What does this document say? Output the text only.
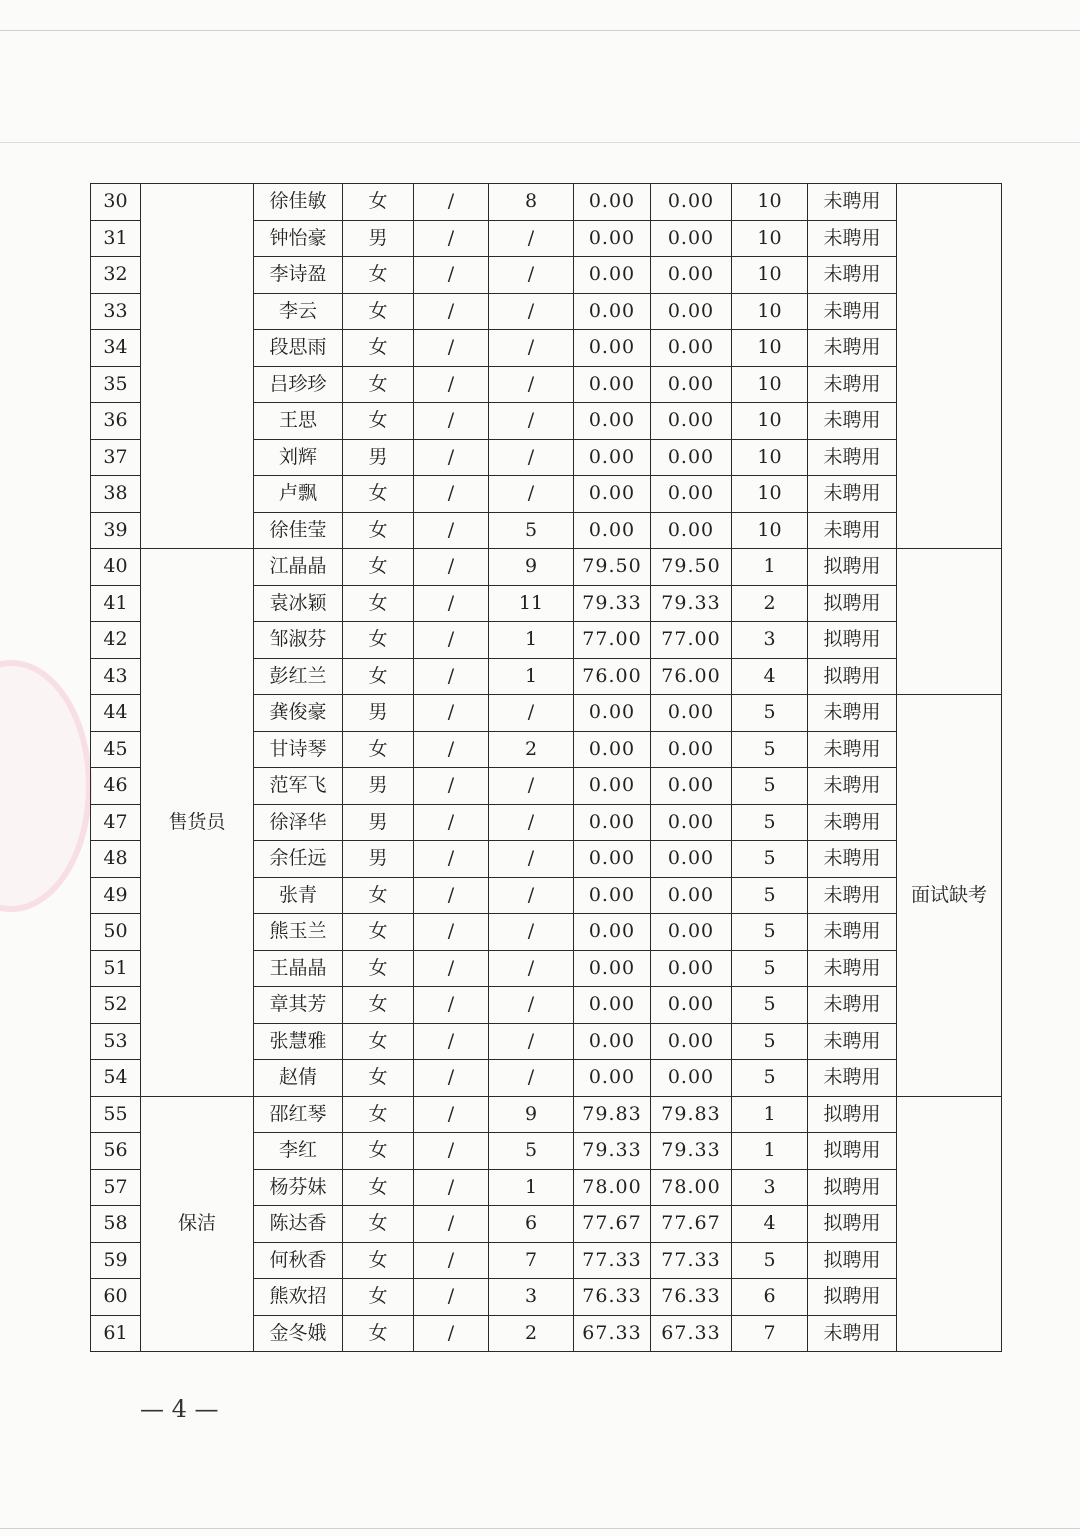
30		徐佳敏	女	/	8	0.00	0.00	10	未聘用	
31		钟怡豪	男	/	/	0.00	0.00	10	未聘用	
32		李诗盈	女	/	/	0.00	0.00	10	未聘用	
33		李云	女	/	/	0.00	0.00	10	未聘用	
34		段思雨	女	/	/	0.00	0.00	10	未聘用	
35		吕珍珍	女	/	/	0.00	0.00	10	未聘用	
36		王思	女	/	/	0.00	0.00	10	未聘用	
37		刘辉	男	/	/	0.00	0.00	10	未聘用	
38		卢飘	女	/	/	0.00	0.00	10	未聘用	
39		徐佳莹	女	/	5	0.00	0.00	10	未聘用	
40	售货员	江晶晶	女	/	9	79.50	79.50	1	拟聘用	
41		袁冰颖	女	/	11	79.33	79.33	2	拟聘用	
42		邹淑芬	女	/	1	77.00	77.00	3	拟聘用	
43		彭红兰	女	/	1	76.00	76.00	4	拟聘用	
44		龚俊豪	男	/	/	0.00	0.00	5	未聘用	面试缺考
45		甘诗琴	女	/	2	0.00	0.00	5	未聘用	
46		范军飞	男	/	/	0.00	0.00	5	未聘用	
47		徐泽华	男	/	/	0.00	0.00	5	未聘用	
48		余任远	男	/	/	0.00	0.00	5	未聘用	
49		张青	女	/	/	0.00	0.00	5	未聘用	
50		熊玉兰	女	/	/	0.00	0.00	5	未聘用	
51		王晶晶	女	/	/	0.00	0.00	5	未聘用	
52		章其芳	女	/	/	0.00	0.00	5	未聘用	
53		张慧雅	女	/	/	0.00	0.00	5	未聘用	
54		赵倩	女	/	/	0.00	0.00	5	未聘用	
55	保洁	邵红琴	女	/	9	79.83	79.83	1	拟聘用	
56		李红	女	/	5	79.33	79.33	1	拟聘用	
57		杨芬妹	女	/	1	78.00	78.00	3	拟聘用	
58		陈达香	女	/	6	77.67	77.67	4	拟聘用	
59		何秋香	女	/	7	77.33	77.33	5	拟聘用	
60		熊欢招	女	/	3	76.33	76.33	6	拟聘用	
61		金冬娥	女	/	2	67.33	67.33	7	未聘用	
— 4 —
